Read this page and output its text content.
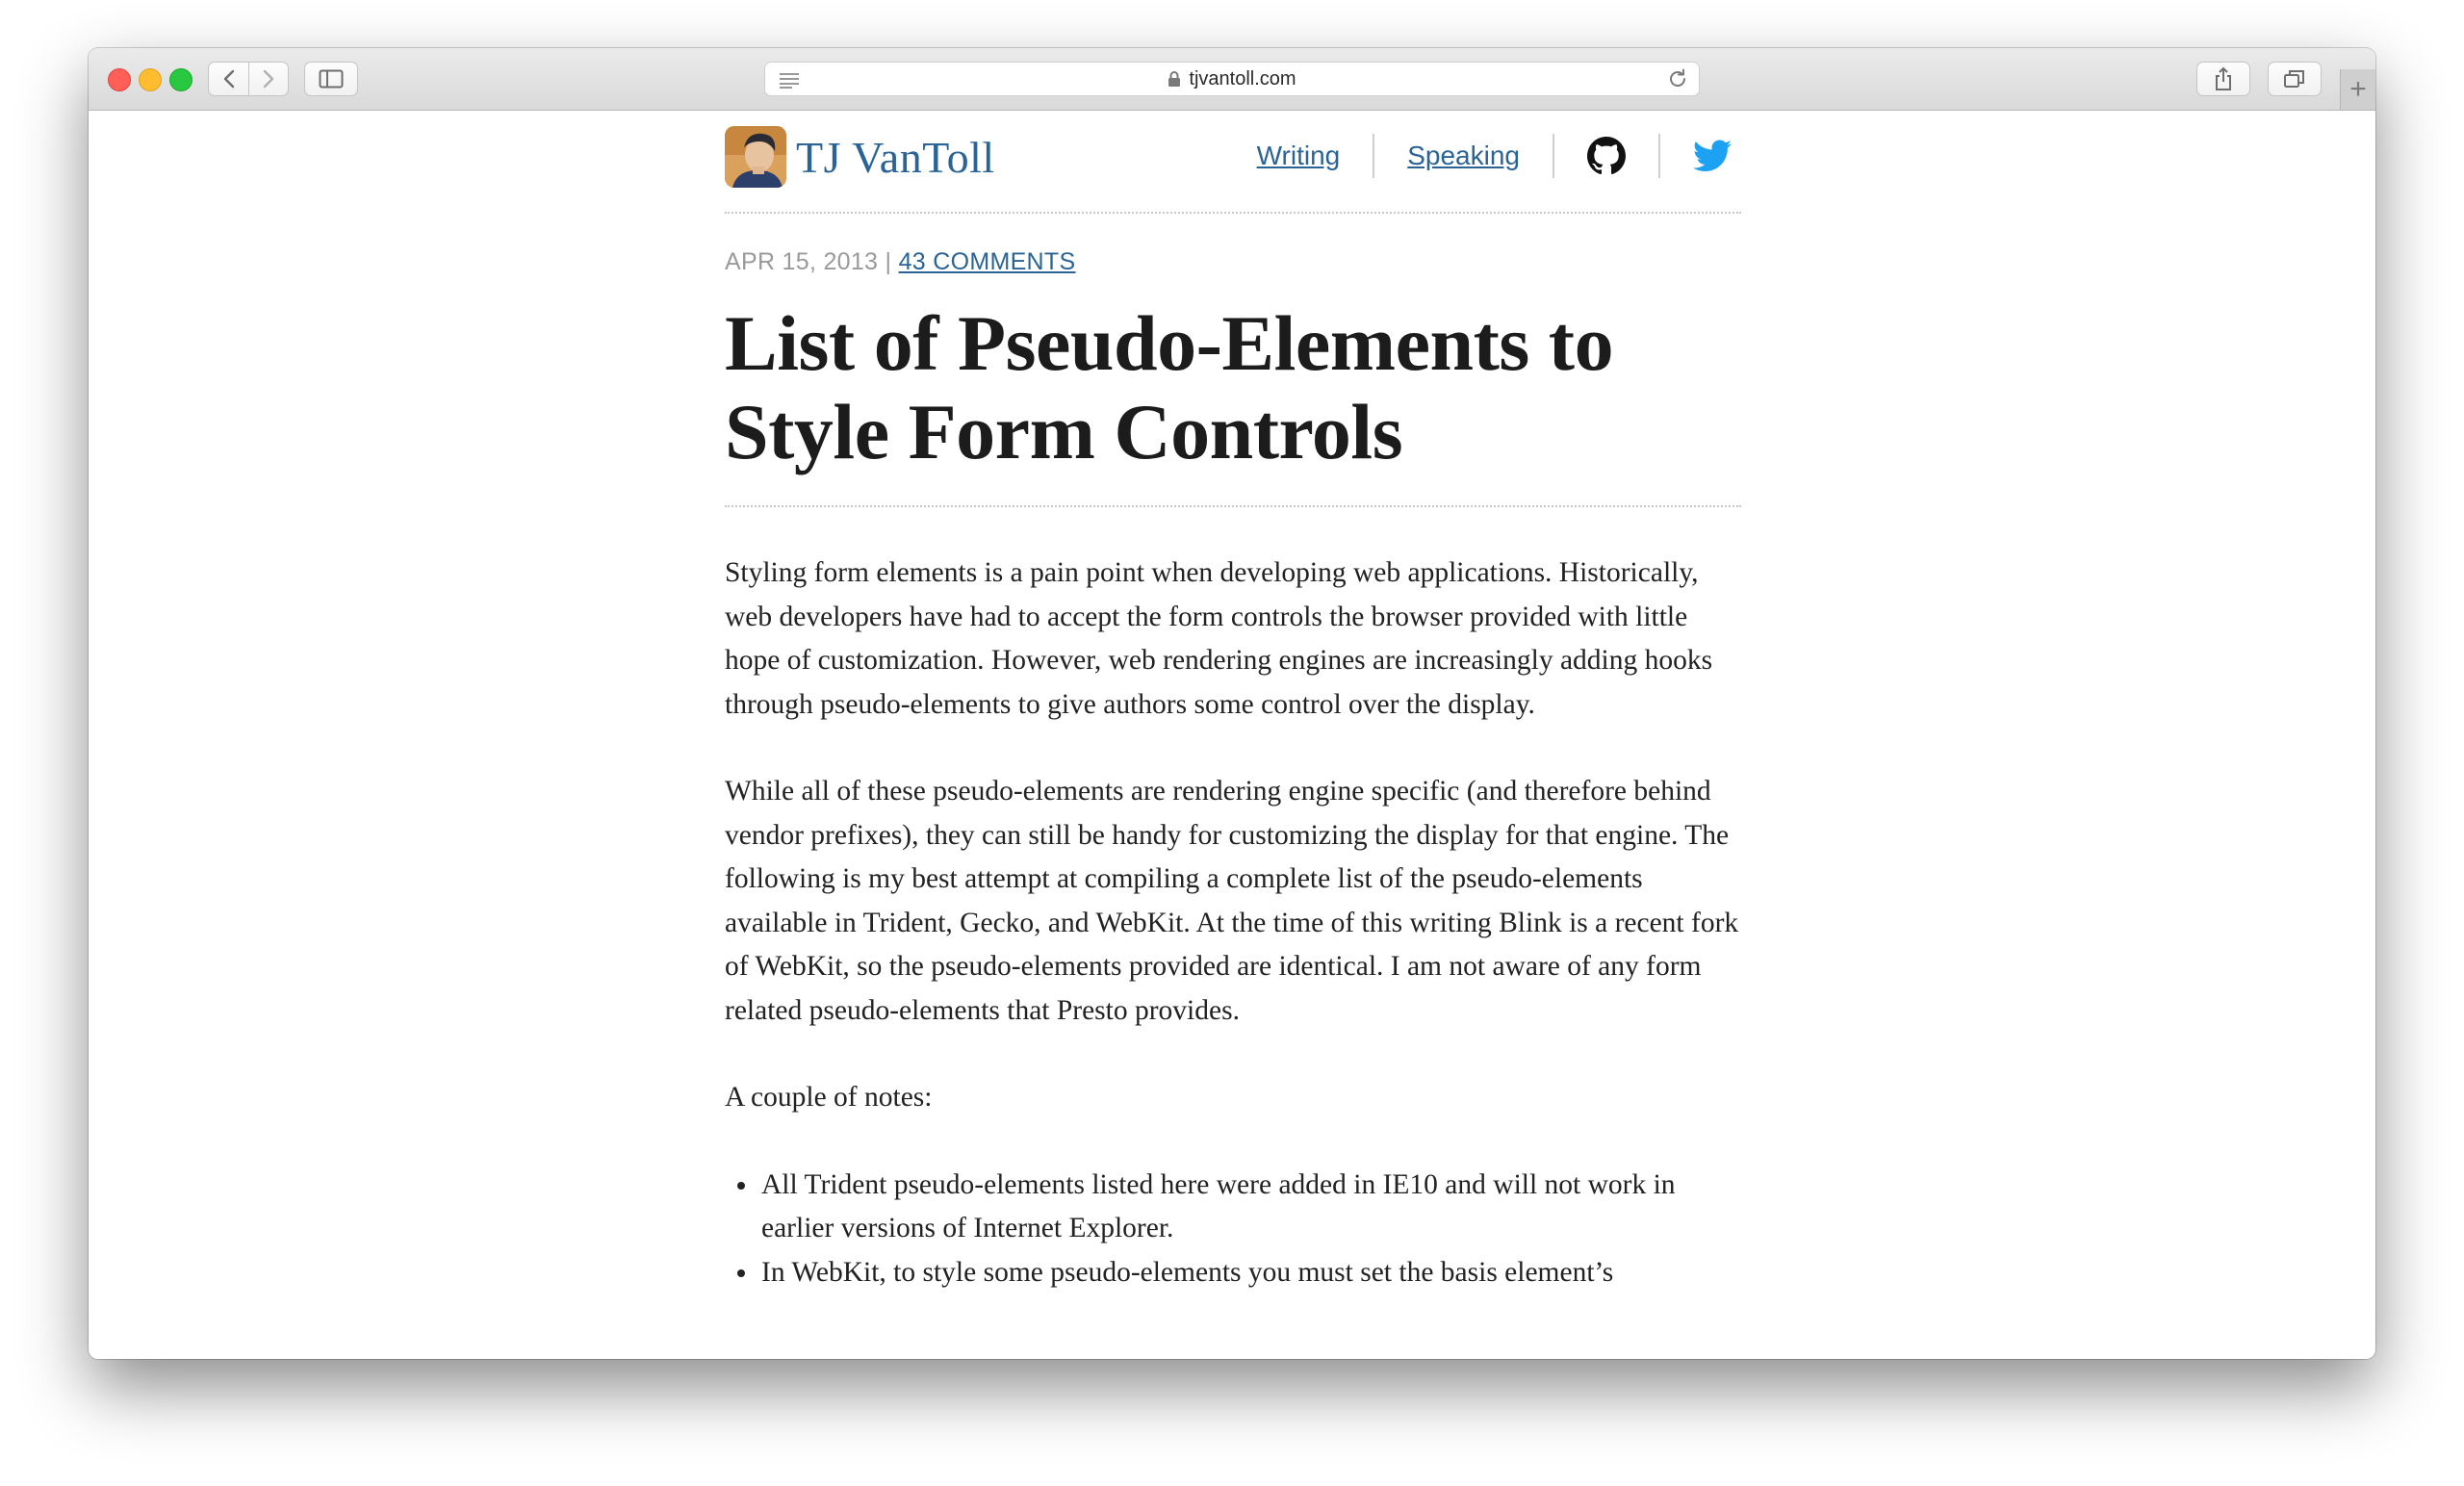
tjvantoll.com	+
TJ VanToll	Writing	Speaking
APR 15, 2013 | 43 COMMENTS
List of Pseudo-Elements to Style Form Controls

Styling form elements is a pain point when developing web applications. Historically, web developers have had to accept the form controls the browser provided with little hope of customization. However, web rendering engines are increasingly adding hooks through pseudo-elements to give authors some control over the display.

While all of these pseudo-elements are rendering engine specific (and therefore behind vendor prefixes), they can still be handy for customizing the display for that engine. The following is my best attempt at compiling a complete list of the pseudo-elements available in Trident, Gecko, and WebKit. At the time of this writing Blink is a recent fork of WebKit, so the pseudo-elements provided are identical. I am not aware of any form related pseudo-elements that Presto provides.

A couple of notes:

• All Trident pseudo-elements listed here were added in IE10 and will not work in earlier versions of Internet Explorer.
• In WebKit, to style some pseudo-elements you must set the basis element’s
